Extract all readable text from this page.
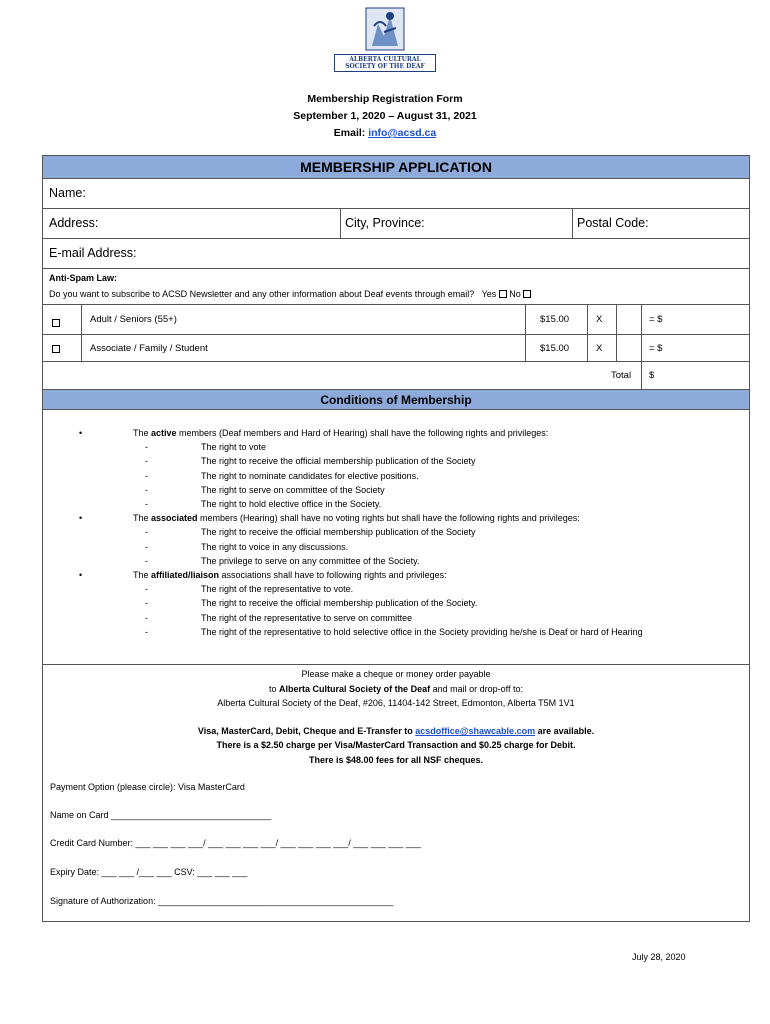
ALBERTA CULTURAL
SOCIETY OF THE DEAF
Membership Registration Form
September 1, 2020 – August 31, 2021
Email: info@acsd.ca
MEMBERSHIP APPLICATION
Name:
Address:	City, Province:	Postal Code:
E-mail Address:
Anti-Spam Law:
Do you want to subscribe to ACSD Newsletter and any other information about Deaf events through email? Yes No
Adult / Seniors (55+)	$15.00	X	= $
Associate / Family / Student	$15.00	X	= $
Total $
Conditions of Membership
• The active members (Deaf members and Hard of Hearing) shall have the following rights and privileges:
- The right to vote
- The right to receive the official membership publication of the Society
- The right to nominate candidates for elective positions.
- The right to serve on committee of the Society
- The right to hold elective office in the Society.
• The associated members (Hearing) shall have no voting rights but shall have the following rights and privileges:
- The right to receive the official membership publication of the Society
- The right to voice in any discussions.
- The privilege to serve on any committee of the Society.
• The affiliated/liaison associations shall have to following rights and privileges:
- The right of the representative to vote.
- The right to receive the official membership publication of the Society.
- The right of the representative to serve on committee
- The right of the representative to hold selective office in the Society providing he/she is Deaf or hard of Hearing
Please make a cheque or money order payable
to Alberta Cultural Society of the Deaf and mail or drop-off to:
Alberta Cultural Society of the Deaf, #206, 11404-142 Street, Edmonton, Alberta T5M 1V1
Visa, MasterCard, Debit, Cheque and E-Transfer to acsdoffice@shawcable.com are available.
There is a $2.50 charge per Visa/MasterCard Transaction and $0.25 charge for Debit.
There is $48.00 fees for all NSF cheques.
Payment Option (please circle): Visa MasterCard
Name on Card ________________________________
Credit Card Number: ___ ___ ___ ___/ ___ ___ ___ ___/ ___ ___ ___ ___/ ___ ___ ___ ___
Expiry Date: ___ ___ /___ ___ CSV: ___ ___ ___
Signature of Authorization: _______________________________________________
July 28, 2020
